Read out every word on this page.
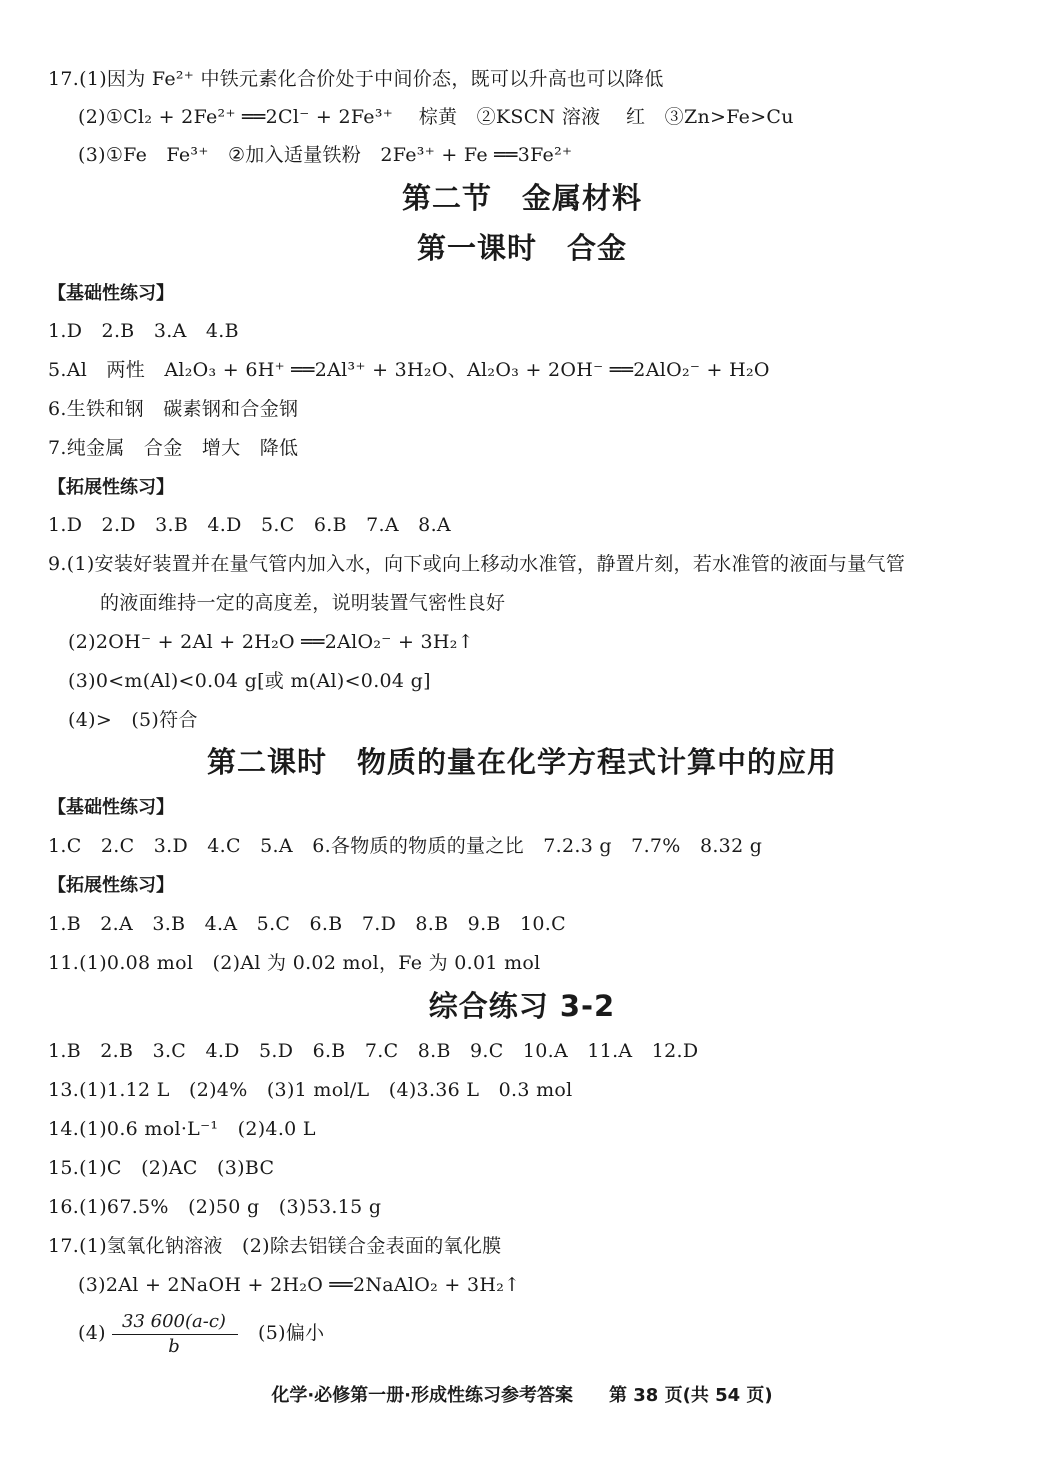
17.(1)因为 Fe²⁺ 中铁元素化合价处于中间价态，既可以升高也可以降低
(2)①Cl₂ + 2Fe²⁺ ══2Cl⁻ + 2Fe³⁺　 棕黄　②KSCN 溶液　 红　③Zn>Fe>Cu
(3)①Fe　Fe³⁺　②加入适量铁粉　2Fe³⁺ + Fe ══3Fe²⁺
第二节　金属材料
第一课时　合金
【基础性练习】
1.D　2.B　3.A　4.B
5.Al　两性　Al₂O₃ + 6H⁺ ══2Al³⁺ + 3H₂O、Al₂O₃ + 2OH⁻ ══2AlO₂⁻ + H₂O
6.生铁和钢　碳素钢和合金钢
7.纯金属　合金　增大　降低
【拓展性练习】
1.D　2.D　3.B　4.D　5.C　6.B　7.A　8.A
9.(1)安装好装置并在量气管内加入水，向下或向上移动水准管，静置片刻，若水准管的液面与量气管
的液面维持一定的高度差，说明装置气密性良好
(2)2OH⁻ + 2Al + 2H₂O ══2AlO₂⁻ + 3H₂↑
(3)0<m(Al)<0.04 g[或 m(Al)<0.04 g]
(4)>　(5)符合
第二课时　物质的量在化学方程式计算中的应用
【基础性练习】
1.C　2.C　3.D　4.C　5.A　6.各物质的物质的量之比　7.2.3 g　7.7%　8.32 g
【拓展性练习】
1.B　2.A　3.B　4.A　5.C　6.B　7.D　8.B　9.B　10.C
11.(1)0.08 mol　(2)Al 为 0.02 mol，Fe 为 0.01 mol
综合练习 3-2
1.B　2.B　3.C　4.D　5.D　6.B　7.C　8.B　9.C　10.A　11.A　12.D
13.(1)1.12 L　(2)4%　(3)1 mol/L　(4)3.36 L　0.3 mol
14.(1)0.6 mol·L⁻¹　(2)4.0 L
15.(1)C　(2)AC　(3)BC
16.(1)67.5%　(2)50 g　(3)53.15 g
17.(1)氢氧化钠溶液　(2)除去铝镁合金表面的氧化膜
(3)2Al + 2NaOH + 2H₂O ══2NaAlO₂ + 3H₂↑
(4)
33 600(a-c)
b
(5)偏小
化学·必修第一册·形成性练习参考答案　　第 38 页(共 54 页)
